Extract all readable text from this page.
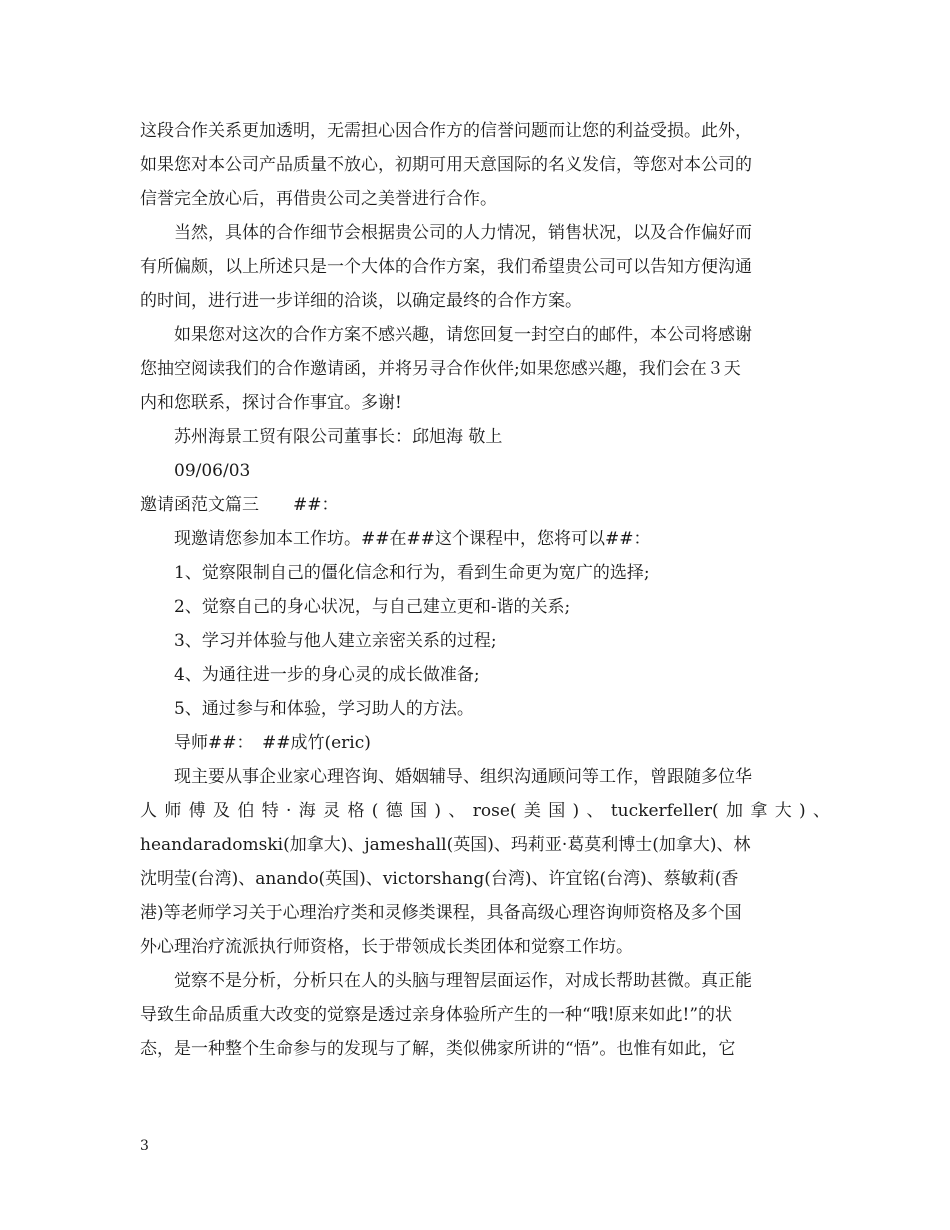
这段合作关系更加透明，无需担心因合作方的信誉问题而让您的利益受损。此外，
如果您对本公司产品质量不放心，初期可用天意国际的名义发信，等您对本公司的
信誉完全放心后，再借贵公司之美誉进行合作。
当然，具体的合作细节会根据贵公司的人力情况，销售状况，以及合作偏好而
有所偏颇，以上所述只是一个大体的合作方案，我们希望贵公司可以告知方便沟通
的时间，进行进一步详细的洽谈，以确定最终的合作方案。
如果您对这次的合作方案不感兴趣，请您回复一封空白的邮件，本公司将感谢
您抽空阅读我们的合作邀请函，并将另寻合作伙伴;如果您感兴趣，我们会在３天
内和您联系，探讨合作事宜。多谢!
苏州海景工贸有限公司董事长：邱旭海 敬上
09/06/03
邀请函范文篇三　　##：
现邀请您参加本工作坊。##在##这个课程中，您将可以##：
1、觉察限制自己的僵化信念和行为，看到生命更为宽广的选择;
2、觉察自己的身心状况，与自己建立更和-谐的关系;
3、学习并体验与他人建立亲密关系的过程;
4、为通往进一步的身心灵的成长做准备;
5、通过参与和体验，学习助人的方法。
导师##：　##成竹(eric)
现主要从事企业家心理咨询、婚姻辅导、组织沟通顾问等工作，曾跟随多位华
人师傅及伯特·海灵格(德国)、rose(美国)、tuckerfeller(加拿大)、
heandaradomski(加拿大)、jameshall(英国)、玛莉亚·葛莫利博士(加拿大)、林
沈明莹(台湾)、anando(英国)、victorshang(台湾)、许宜铭(台湾)、蔡敏莉(香
港)等老师学习关于心理治疗类和灵修类课程，具备高级心理咨询师资格及多个国
外心理治疗流派执行师资格，长于带领成长类团体和觉察工作坊。
觉察不是分析，分析只在人的头脑与理智层面运作，对成长帮助甚微。真正能
导致生命品质重大改变的觉察是透过亲身体验所产生的一种“哦!原来如此!”的状
态，是一种整个生命参与的发现与了解，类似佛家所讲的“悟”。也惟有如此，它
3
